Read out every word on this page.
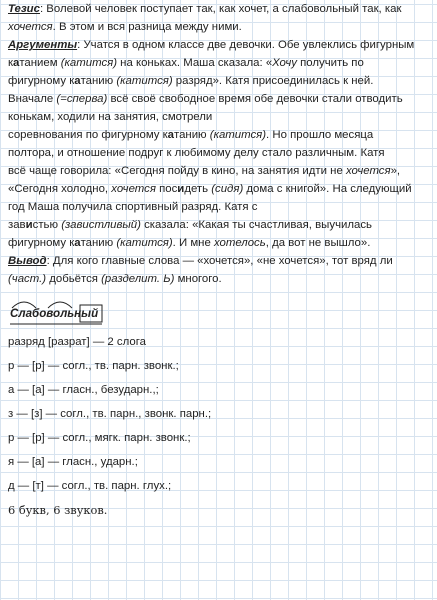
Тезис: Волевой человек поступает так, как хочет, а слабовольный так, как
хочется. В этом и вся разница между ними.
Аргументы: Учатся в одном классе две девочки. Обе увлеклись фигурным
катанием (катится) на коньках. Маша сказала: «Хочу получить по
фигурному катанию (катится) разряд». Катя присоединилась к ней.
Вначале (=сперва) всё своё свободное время обе девочки стали отводить
конькам, ходили на занятия, смотрели
соревнования по фигурному катанию (катится). Но прошло месяца
полтора, и отношение подруг к любимому делу стало различным. Катя
всё чаще говорила: «Сегодня пойду в кино, на занятия идти не хочется»,
«Сегодня холодно, хочется посидеть (сидя) дома с книгой». На следующий
год Маша получила спортивный разряд. Катя с
завистью (завистливый) сказала: «Какая ты счастливая, выучилась
фигурному катанию (катится). И мне хотелось, да вот не вышло».
Вывод: Для кого главные слова — «хочется», «не хочется», тот вряд ли
(част.) добьётся (разделит. Ь) многого.
Слабовольный
разряд [разрат] — 2 слога
р — [р] — согл., тв. парн. звонк.;
а — [а] — гласн., безударн.,;
з — [з] — согл., тв. парн., звонк. парн.;
р — [р] — согл., мягк. парн. звонк.;
я — [а] — гласн., ударн.;
д — [т] — согл., тв. парн. глух.;
6 букв, 6 звуков.
